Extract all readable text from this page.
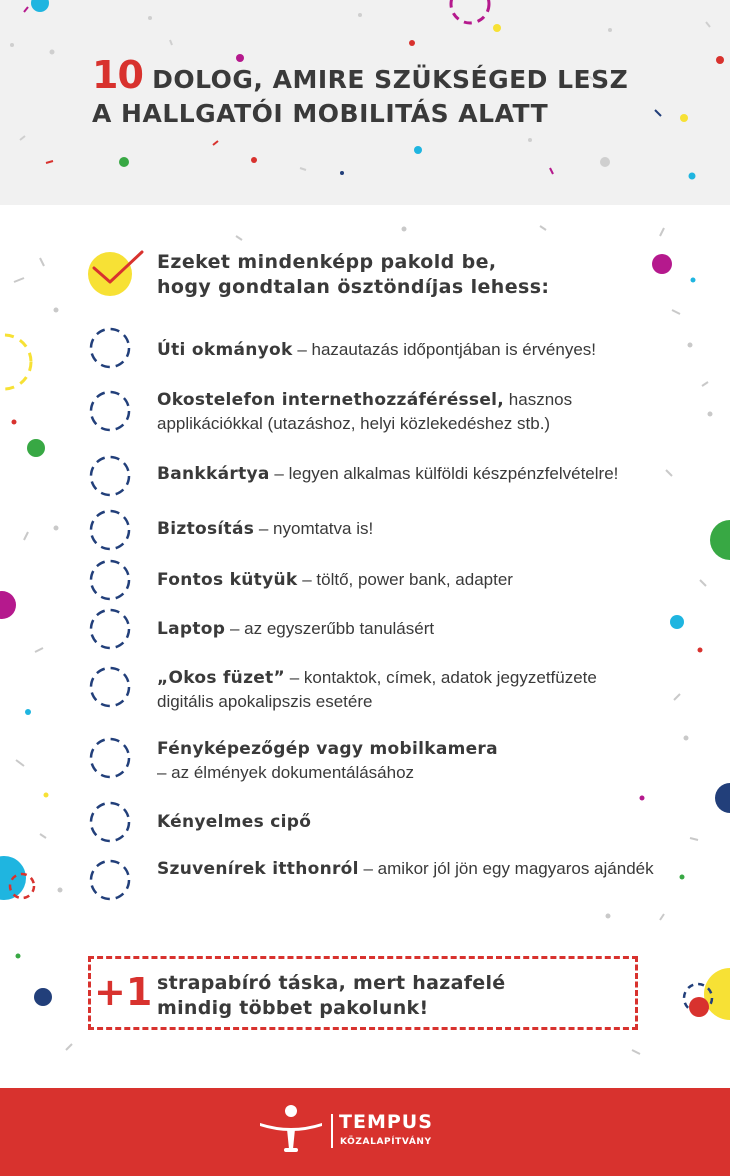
10 DOLOG, AMIRE SZÜKSÉGED LESZ
A HALLGATÓI MOBILITÁS ALATT
Ezeket mindenképp pakold be,
hogy gondtalan ösztöndíjas lehess:
Úti okmányok – hazautazás időpontjában is érvényes!
Okostelefon internethozzáféréssel, hasznos applikációkkal (utazáshoz, helyi közlekedéshez stb.)
Bankkártya – legyen alkalmas külföldi készpénzfelvételre!
Biztosítás – nyomtatva is!
Fontos kütyük – töltő, power bank, adapter
Laptop – az egyszerűbb tanulásért
„Okos füzet” – kontaktok, címek, adatok jegyzetfüzete digitális apokalipszis esetére
Fényképezőgép vagy mobilkamera
– az élmények dokumentálásához
Kényelmes cipő
Szuvenírek itthonról – amikor jól jön egy magyaros ajándék
+1 strapabíró táska, mert hazafelé
mindig többet pakolunk!
TEMPUS
KÖZALAPÍTVÁNY
